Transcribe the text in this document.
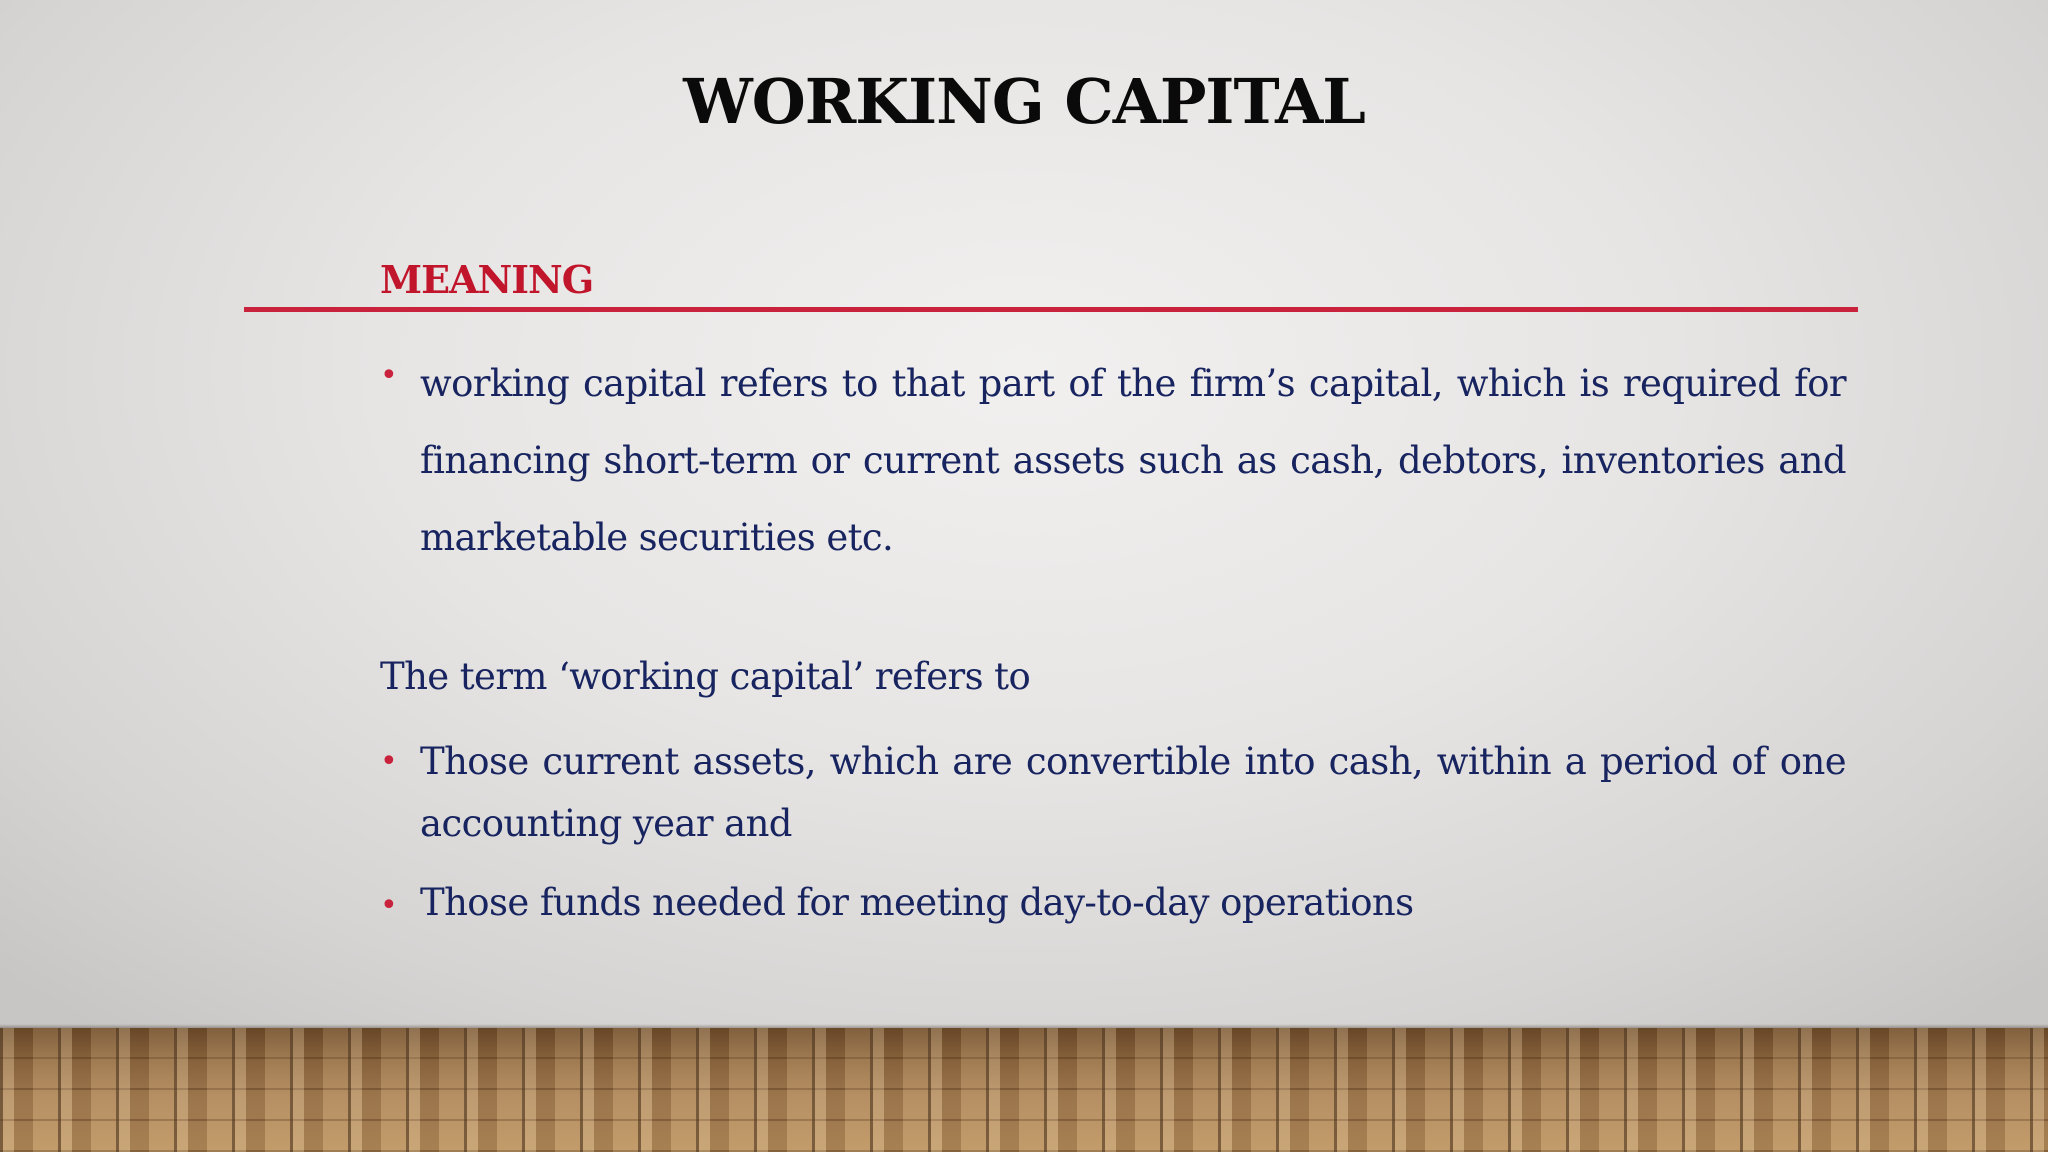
WORKING CAPITAL
MEANING
• working capital refers to that part of the firm’s capital, which is required for financing short-term or current assets such as cash, debtors, inventories and marketable securities etc.
The term ‘working capital’ refers to
• Those current assets, which are convertible into cash, within a period of one accounting year and
• Those funds needed for meeting day-to-day operations
